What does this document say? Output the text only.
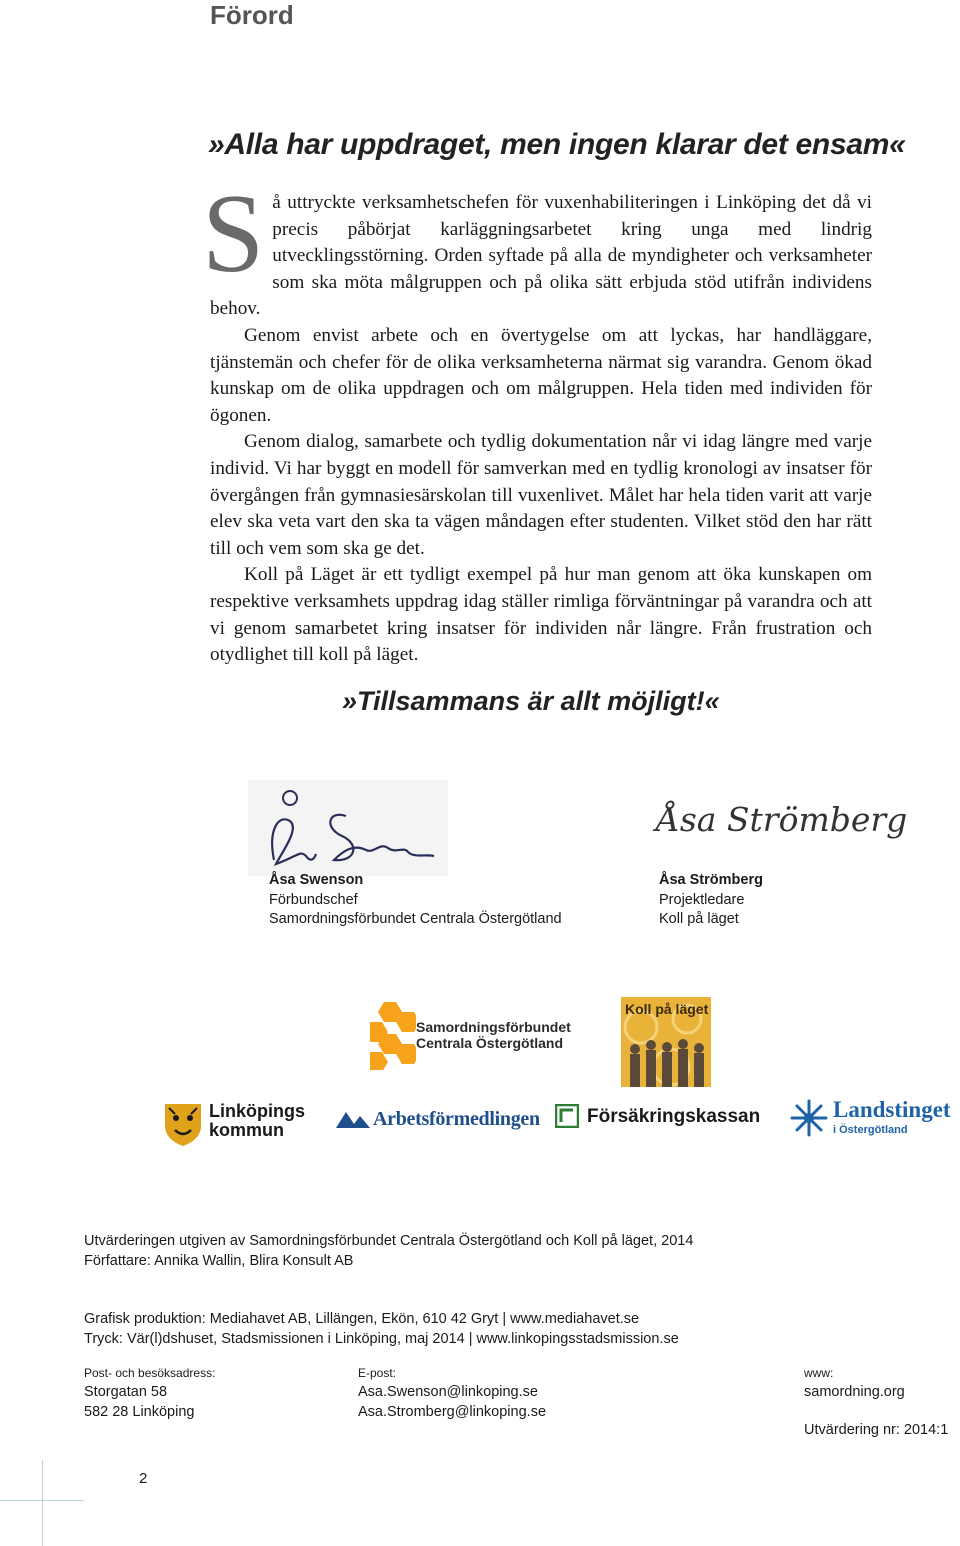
Förord
»Alla har uppdraget, men ingen klarar det ensam«

Så uttryckte verksamhetschefen för vuxenhabiliteringen i Linköping det då vi precis påbörjat karläggningsarbetet kring unga med lindrig utvecklingsstörning. Orden syftade på alla de myndigheter och verksamheter som ska möta målgruppen och på olika sätt erbjuda stöd utifrån individens behov.

Genom envist arbete och en övertygelse om att lyckas, har handläggare, tjänstemän och chefer för de olika verksamheterna närmat sig varandra. Genom ökad kunskap om de olika uppdragen och om målgruppen. Hela tiden med individen för ögonen.

Genom dialog, samarbete och tydlig dokumentation når vi idag längre med varje individ. Vi har byggt en modell för samverkan med en tydlig kronologi av insatser för övergången från gymnasiesärskolan till vuxenlivet. Målet har hela tiden varit att varje elev ska veta vart den ska ta vägen måndagen efter studenten. Vilket stöd den har rätt till och vem som ska ge det.

Koll på Läget är ett tydligt exempel på hur man genom att öka kunskapen om respektive verksamhets uppdrag idag ställer rimliga förväntningar på varandra och att vi genom samarbetet kring insatser för individen når längre. Från frustration och otydlighet till koll på läget.

»Tillsammans är allt möjligt!«
Åsa Swenson
Förbundschef
Samordningsförbundet Centrala Östergötland
Åsa Strömberg
Åsa Strömberg
Projektledare
Koll på läget
Samordningsförbundet
Centrala Östergötland
Koll på läget
Linköpings
kommun	Arbetsförmedlingen Försäkringskassan	Landstinget
i Östergötland
Utvärderingen utgiven av Samordningsförbundet Centrala Östergötland och Koll på läget, 2014
Författare: Annika Wallin, Blira Konsult AB
Grafisk produktion: Mediahavet AB, Lillängen, Ekön, 610 42 Gryt | www.mediahavet.se
Tryck: Vär(l)dshuset, Stadsmissionen i Linköping, maj 2014 | www.linkopingsstadsmission.se
Post- och besöksadress:
Storgatan 58
582 28 Linköping
E-post:
Asa.Swenson@linkoping.se
Asa.Stromberg@linkoping.se
www:
samordning.org
Utvärdering nr: 2014:1
2
